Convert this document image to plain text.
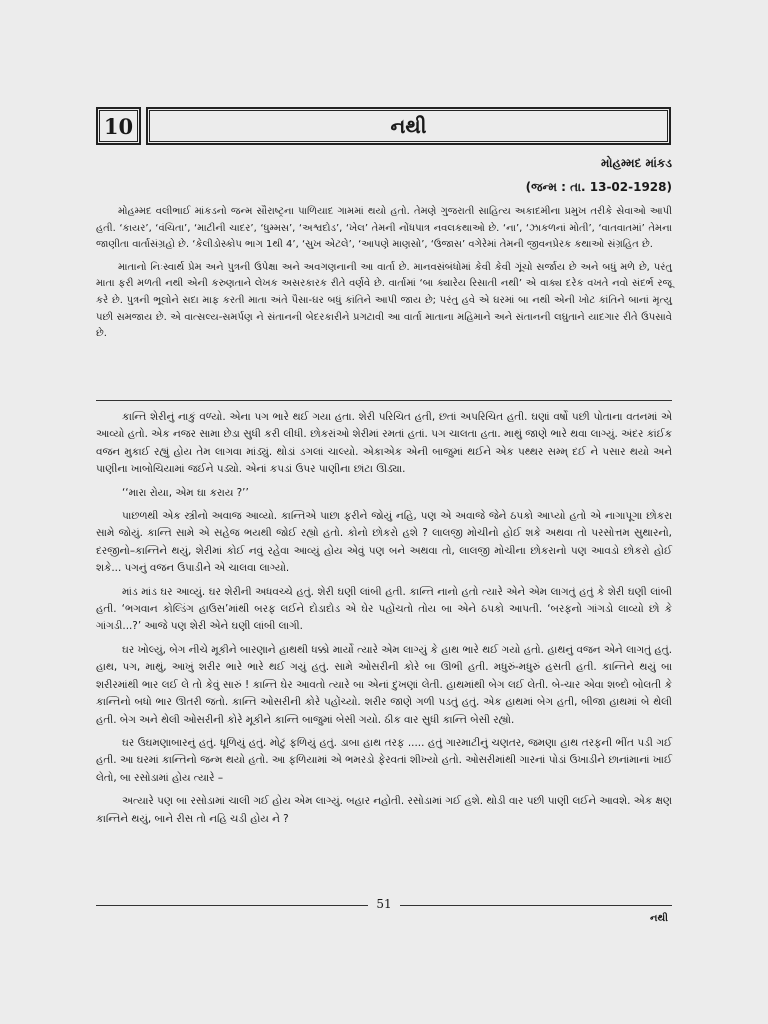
10	નથી
મોહમ્મદ માંકડ
(જન્મ : તા. 13-02-1928)

મોહમ્મદ વલીભાઈ માંકડનો જન્મ સૌરાષ્ટ્રના પાળિયાદ ગામમાં થયો હતો. તેમણે ગુજરાતી સાહિત્ય અકાદમીના પ્રમુખ તરીકે સેવાઓ આપી હતી. ‘કાયર’, ‘વંચિતા’, ‘માટીની ચાદર’, ‘ધુમ્મસ’, ‘અશ્વદોડ’, ‘ખેલ’ તેમની નોંધપાત્ર નવલકથાઓ છે. ‘ના’, ‘ઝાકળનાં મોતી’, ‘વાતવાતમાં’ તેમના જાણીતા વાર્તાસંગ્રહો છે. ‘કેલીડોસ્કોપ ભાગ 1થી 4’, ‘સુખ એટલે’, ‘આપણે માણસો’, ‘ઉજાસ’ વગેરેમાં તેમની જીવનપ્રેરક કથાઓ સંગ્રહિત છે.

માતાનો નિઃસ્વાર્થ પ્રેમ અને પુત્રની ઉપેક્ષા અને અવગણનાની આ વાર્તા છે. માનવસંબંધોમાં કેવી કેવી ગૂંચો સર્જાય છે અને બધું મળે છે, પરંતુ માતા ફરી મળતી નથી એની કરુણતાને લેખક અસરકારક રીતે વર્ણવે છે. વાર્તામાં ‘બા ક્યારેય રિસાતી નથી’ એ વાક્ય દરેક વખતે નવો સંદર્ભ રજૂ કરે છે. પુત્રની ભૂલોને સદા માફ કરતી માતા અંતે પૈસા-ઘર બધું કાંતિને આપી જાય છે; પરંતુ હવે એ ઘરમાં બા નથી એની ખોટ કાંતિને બાનાં મૃત્યુ પછી સમજાય છે. એ વાત્સલ્ય-સમર્પણ ને સંતાનની બેદરકારીને પ્રગટાવી આ વાર્તા માતાના મહિમાને અને સંતાનની લઘુતાને યાદગાર રીતે ઉપસાવે છે.

કાન્તિ શેરીનું નાકું વળ્યો. એના પગ ભારે થઈ ગયા હતા. શેરી પરિચિત હતી, છતાં અપરિચિત હતી. ઘણાં વર્ષો પછી પોતાના વતનમાં એ આવ્યો હતો. એક નજર સામા છેડા સુધી કરી લીધી. છોકરાંઓ શેરીમાં રમતાં હતાં. પગ ચાલતા હતા. માથું જાણે ભારે થવા લાગ્યું. અંદર કાંઈક વજન મુકાઈ રહ્યું હોય તેમ લાગવા માંડ્યું. થોડાં ડગલાં ચાલ્યો. એકાએક એની બાજુમાં થઈને એક પથ્થર સમ્મ્ દઈ ને પસાર થયો અને પાણીના ખાબોચિયામાં જઈને પડ્યો. એનાં કપડાં ઉપર પાણીના છાંટા ઊડ્યા.

‘‘મારા રોયા, એમ ઘા કરાય ?’’

પાછળથી એક સ્ત્રીનો અવાજ આવ્યો. કાન્તિએ પાછા ફરીને જોયું નહિ, પણ એ અવાજે જેને ઠપકો આપ્યો હતો એ નાગાપૂગા છોકરા સામે જોયું. કાન્તિ સામે એ સહેજ ભયથી જોઈ રહ્યો હતો. કોનો છોકરો હશે ? લાલજી મોચીનો હોઈ શકે અથવા તો પરસોત્તમ સુથારનો, દરજીનો–કાન્તિને થયું, શેરીમાં કોઈ નવું રહેવા આવ્યું હોય એવું પણ બને અથવા તો, લાલજી મોચીના છોકરાનો પણ આવડો છોકરો હોઈ શકે... પગનું વજન ઉપાડીને એ ચાલવા લાગ્યો.

માંડ માંડ ઘર આવ્યું. ઘર શેરીની અધવચ્ચે હતું. શેરી ઘણી લાંબી હતી. કાન્તિ નાનો હતો ત્યારે એને એમ લાગતું હતું કે શેરી ઘણી લાંબી હતી. ‘ભગવાન કોલ્ડિંગ હાઉસ’માંથી બરફ લઈને દોડાદોડ એ ઘેર પહોંચતો તોય બા એને ઠપકો આપતી. ‘બરફનો ગાંગડો લાવ્યો છો કે ગાંગડી...?’ આજે પણ શેરી એને ઘણી લાંબી લાગી.

ઘર ખોલ્યું, બેગ નીચે મૂકીને બારણાને હાથથી ધક્કો માર્યો ત્યારે એમ લાગ્યું કે હાથ ભારે થઈ ગયો હતો. હાથનું વજન એને લાગતું હતું. હાથ, પગ, માથું, આખું શરીર ભારે ભારે થઈ ગયું હતું. સામે ઓસરીની કોરે બા ઊભી હતી. મધુરું-મધુરું હસતી હતી. કાન્તિને થયું બા શરીરમાંથી ભાર લઈ લે તો કેવું સારું ! કાન્તિ ઘેર આવતો ત્યારે બા એનાં દુખણાં લેતી. હાથમાંથી બેગ લઈ લેતી. બે-ચાર એવા શબ્દો બોલતી કે કાન્તિનો બધો ભાર ઊતરી જતો. કાન્તિ ઓસરીની કોરે પહોંચ્યો. શરીર જાણે ગળી પડતું હતું. એક હાથમાં બેગ હતી, બીજા હાથમાં બે થેલી હતી. બેગ અને થેલી ઓસરીની કોરે મૂકીને કાન્તિ બાજુમાં બેસી ગયો. ઠીક વાર સુધી કાન્તિ બેસી રહ્યો.

ઘર ઉઘમણાબારનું હતું. ધૂળિયું હતું. મોટું ફળિયું હતું. ડાબા હાથ તરફ ..... હતું ગારમાટીનું ચણતર, જમણા હાથ તરફની ભીંત પડી ગઈ હતી. આ ઘરમાં કાન્તિનો જન્મ થયો હતો. આ ફળિયામાં એ ભમરડો ફેરવતાં શીખ્યો હતો. ઓસરીમાંથી ગારનાં પોડાં ઉખાડીને છાનાંમાનાં ખાઈ લેતો, બા રસોડામાં હોય ત્યારે –

અત્યારે પણ બા રસોડામાં ચાલી ગઈ હોય એમ લાગ્યું. બહાર નહોતી. રસોડામાં ગઈ હશે. થોડી વાર પછી પાણી લઈને આવશે. એક ક્ષણ કાન્તિને થયું, બાને રીસ તો નહિ ચડી હોય ને ?

51
નથી
